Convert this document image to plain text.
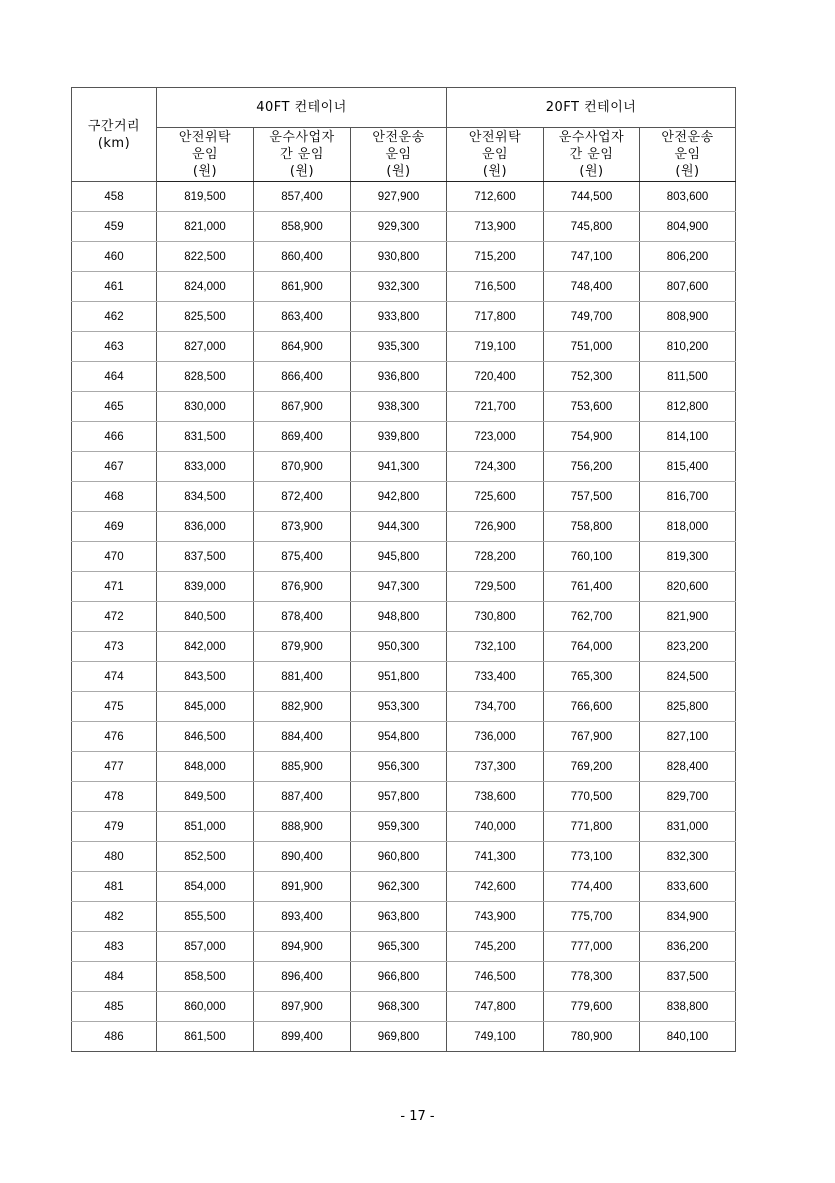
구간거리
(km)	40FT 컨테이너			20FT 컨테이너		

	안전위탁
운임
(원)	운수사업자
간 운임
(원)	안전운송
운임
(원)	안전위탁
운임
(원)	운수사업자
간 운임
(원)	안전운송
운임
(원)

458	819,500	857,400	927,900	712,600	744,500	803,600
459	821,000	858,900	929,300	713,900	745,800	804,900
460	822,500	860,400	930,800	715,200	747,100	806,200
461	824,000	861,900	932,300	716,500	748,400	807,600
462	825,500	863,400	933,800	717,800	749,700	808,900
463	827,000	864,900	935,300	719,100	751,000	810,200
464	828,500	866,400	936,800	720,400	752,300	811,500
465	830,000	867,900	938,300	721,700	753,600	812,800
466	831,500	869,400	939,800	723,000	754,900	814,100
467	833,000	870,900	941,300	724,300	756,200	815,400
468	834,500	872,400	942,800	725,600	757,500	816,700
469	836,000	873,900	944,300	726,900	758,800	818,000
470	837,500	875,400	945,800	728,200	760,100	819,300
471	839,000	876,900	947,300	729,500	761,400	820,600
472	840,500	878,400	948,800	730,800	762,700	821,900
473	842,000	879,900	950,300	732,100	764,000	823,200
474	843,500	881,400	951,800	733,400	765,300	824,500
475	845,000	882,900	953,300	734,700	766,600	825,800
476	846,500	884,400	954,800	736,000	767,900	827,100
477	848,000	885,900	956,300	737,300	769,200	828,400
478	849,500	887,400	957,800	738,600	770,500	829,700
479	851,000	888,900	959,300	740,000	771,800	831,000
480	852,500	890,400	960,800	741,300	773,100	832,300
481	854,000	891,900	962,300	742,600	774,400	833,600
482	855,500	893,400	963,800	743,900	775,700	834,900
483	857,000	894,900	965,300	745,200	777,000	836,200
484	858,500	896,400	966,800	746,500	778,300	837,500
485	860,000	897,900	968,300	747,800	779,600	838,800
486	861,500	899,400	969,800	749,100	780,900	840,100
- 17 -
